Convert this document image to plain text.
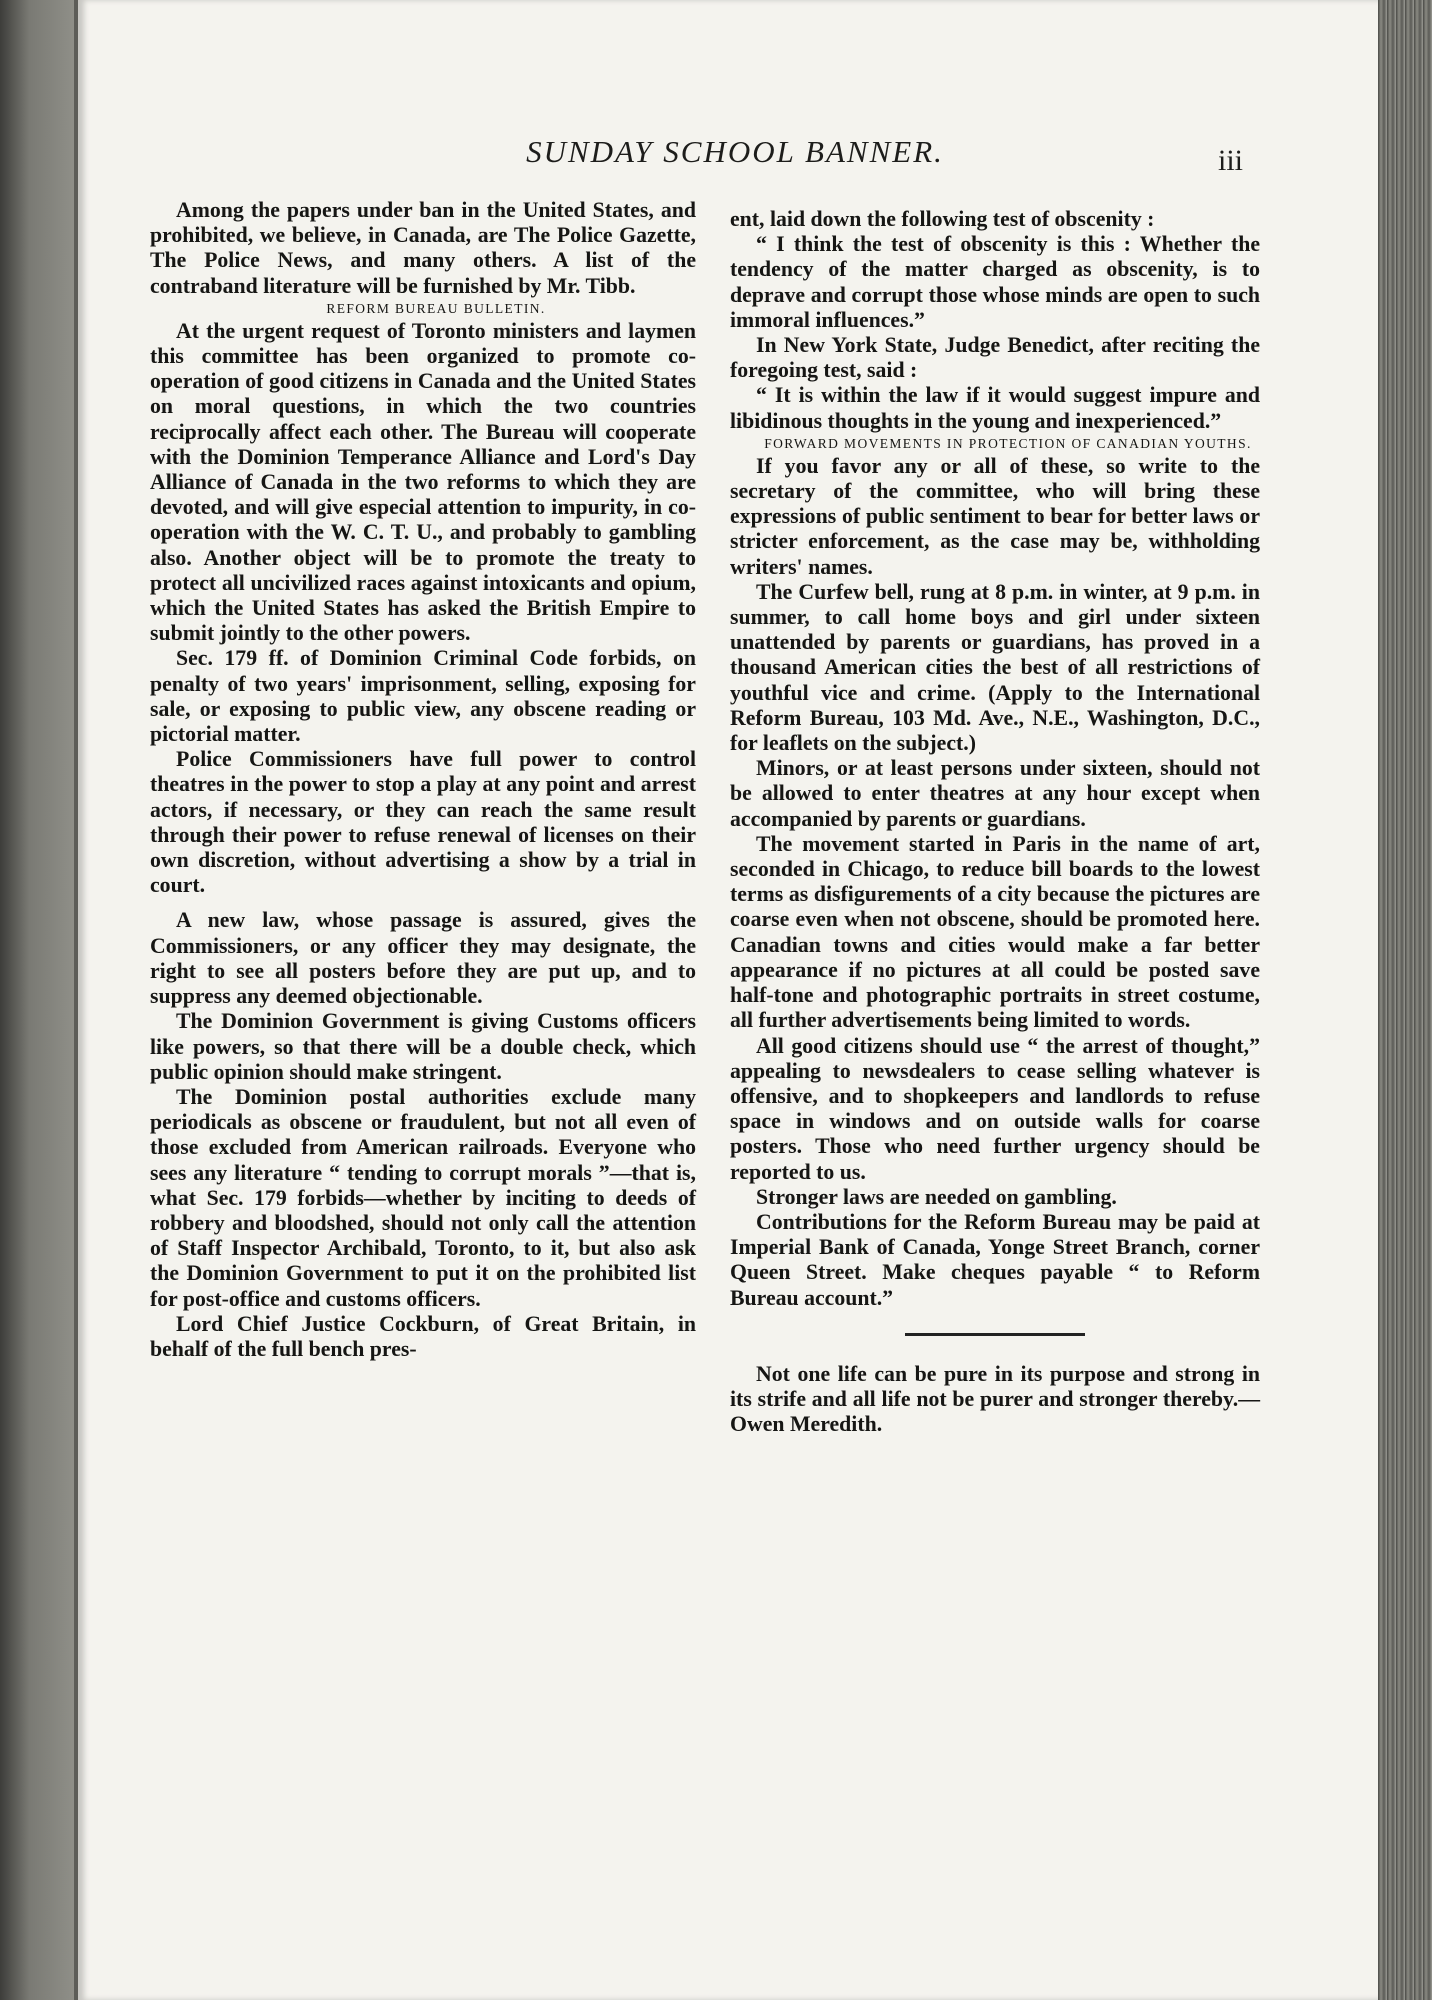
SUNDAY SCHOOL BANNER.	iii

Among the papers under ban in the United States, and prohibited, we believe, in Canada, are The Police Gazette, The Police News, and many others. A list of the contraband literature will be furnished by Mr. Tibb.

REFORM BUREAU BULLETIN.

At the urgent request of Toronto ministers and laymen this committee has been organized to promote co-operation of good citizens in Canada and the United States on moral questions, in which the two countries reciprocally affect each other. The Bureau will cooperate with the Dominion Temperance Alliance and Lord's Day Alliance of Canada in the two reforms to which they are devoted, and will give especial attention to impurity, in co-operation with the W. C. T. U., and probably to gambling also. Another object will be to promote the treaty to protect all uncivilized races against intoxicants and opium, which the United States has asked the British Empire to submit jointly to the other powers.

Sec. 179 ff. of Dominion Criminal Code forbids, on penalty of two years' imprisonment, selling, exposing for sale, or exposing to public view, any obscene reading or pictorial matter.

Police Commissioners have full power to control theatres in the power to stop a play at any point and arrest actors, if necessary, or they can reach the same result through their power to refuse renewal of licenses on their own discretion, without advertising a show by a trial in court.

A new law, whose passage is assured, gives the Commissioners, or any officer they may designate, the right to see all posters before they are put up, and to suppress any deemed objectionable.

The Dominion Government is giving Customs officers like powers, so that there will be a double check, which public opinion should make stringent.

The Dominion postal authorities exclude many periodicals as obscene or fraudulent, but not all even of those excluded from American railroads. Everyone who sees any literature “ tending to corrupt morals ”—that is, what Sec. 179 forbids—whether by inciting to deeds of robbery and bloodshed, should not only call the attention of Staff Inspector Archibald, Toronto, to it, but also ask the Dominion Government to put it on the prohibited list for post-office and customs officers.

Lord Chief Justice Cockburn, of Great Britain, in behalf of the full bench pres-

ent, laid down the following test of obscenity :

“ I think the test of obscenity is this : Whether the tendency of the matter charged as obscenity, is to deprave and corrupt those whose minds are open to such immoral influences.”

In New York State, Judge Benedict, after reciting the foregoing test, said :

“ It is within the law if it would suggest impure and libidinous thoughts in the young and inexperienced.”

FORWARD MOVEMENTS IN PROTECTION OF CANADIAN YOUTHS.

If you favor any or all of these, so write to the secretary of the committee, who will bring these expressions of public sentiment to bear for better laws or stricter enforcement, as the case may be, withholding writers' names.

The Curfew bell, rung at 8 p.m. in winter, at 9 p.m. in summer, to call home boys and girl under sixteen unattended by parents or guardians, has proved in a thousand American cities the best of all restrictions of youthful vice and crime. (Apply to the International Reform Bureau, 103 Md. Ave., N.E., Washington, D.C., for leaflets on the subject.)

Minors, or at least persons under sixteen, should not be allowed to enter theatres at any hour except when accompanied by parents or guardians.

The movement started in Paris in the name of art, seconded in Chicago, to reduce bill boards to the lowest terms as disfigurements of a city because the pictures are coarse even when not obscene, should be promoted here. Canadian towns and cities would make a far better appearance if no pictures at all could be posted save half-tone and photographic portraits in street costume, all further advertisements being limited to words.

All good citizens should use “ the arrest of thought,” appealing to newsdealers to cease selling whatever is offensive, and to shopkeepers and landlords to refuse space in windows and on outside walls for coarse posters. Those who need further urgency should be reported to us.

Stronger laws are needed on gambling.

Contributions for the Reform Bureau may be paid at Imperial Bank of Canada, Yonge Street Branch, corner Queen Street. Make cheques payable “ to Reform Bureau account.”

Not one life can be pure in its purpose and strong in its strife and all life not be purer and stronger thereby.—Owen Meredith.
